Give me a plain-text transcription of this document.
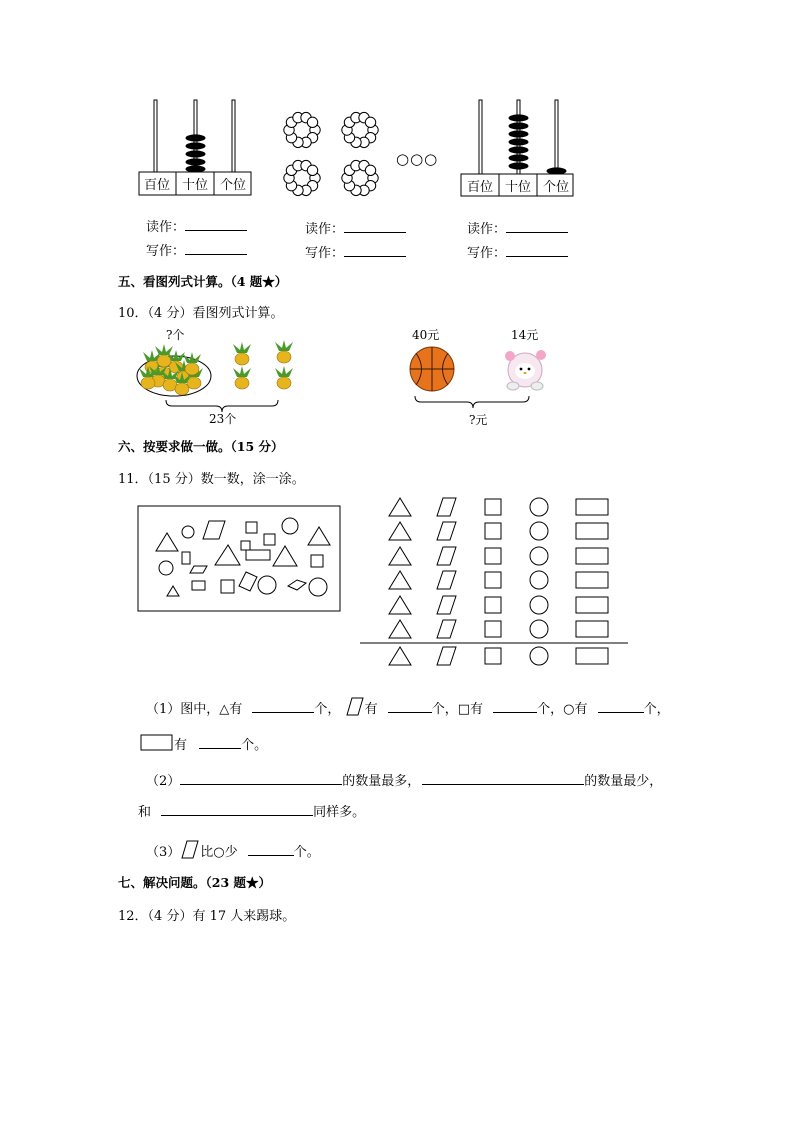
百位 十位 个位
○○○
百位 十位 个位
读作：
写作：
读作：
写作：
读作：
写作：
五、看图列式计算。（4 题★）
10．（4 分）看图列式计算。
?个
23个
40元	14元
?元
六、按要求做一做。（15 分）
11．（15 分）数一数，涂一涂。
（1）图中，△有	个， 有	个，□有	个，○有	个，
有	个。
（2）	的数量最多，	的数量最少，
和	同样多。
（3） 比○少	个。
七、解决问题。（23 题★）
12．（4 分）有 17 人来踢球。
